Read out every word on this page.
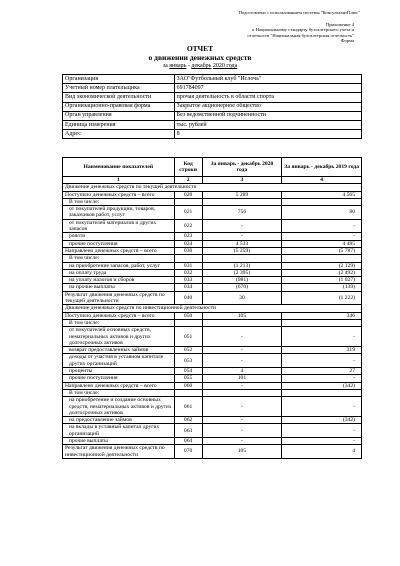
Подготовлено с использованием системы "КонсультантПлюс"
Приложение 4
к Национальному стандарту бухгалтерского учета и
отчетности "Национальная бухгалтерская отчетность"
Форма
ОТЧЕТ
о движении денежных средств
за январь - декабрь 2020 года
Организация	ЗАО"Футбольный клуб "Ислочь"
Учетный номер плательщика	691784097
Вид экономической деятельности	прочая деятельность в области спорта
Организационно-правовая форма	Закрытое акционерное общество
Орган управления	Без ведомственной подчиненности
Единица измерения	тыс. рублей
Адрес	8
Наименование показателей	Код строки	За январь - декабрь 2020 года	За январь - декабрь 2019 года
1	2	3	4
Движение денежных средств по текущей деятельности			
Поступило денежных средств – всего	020	5 289	4 565
В том числе:			
от покупателей продукции, товаров, заказчиков работ, услуг	021	756	80
от покупателей материалов и других запасов	022	-	-
роялти	023	-	-
прочие поступления	024	4 533	4 485
Направлено денежных средств – всего	030	(5 259)	(5 787)
В том числе:			
на приобретение запасов, работ, услуг	031	(1 213)	(2 129)
на оплату труда	032	(2 395)	(2 492)
на уплату налогов и сборов	033	(981)	(1 027)
на прочие выплаты	034	(670)	(139)
Результат движения денежных средств по текущей деятельности	040	30	(1 222)
Движение денежных средств по инвестиционной деятельности			
Поступило денежных средств – всего	050	105	346
В том числе:			
от покупателей основных средств, нематериальных активов и других долгосрочных активов	051	-	-
возврат предоставленных займов	052	-	319
доходы от участия в уставном капитале других организаций	053	-	-
проценты	054	4	27
прочие поступления	055	101	-
Направлено денежных средств – всего	060	-	(342)
В том числе:			
на приобретение и создание основных средств, нематериальных активов и других долгосрочных активов	061	-	-
на предоставление займов	062	-	(342)
на вклады в уставный капитал других организаций	063	-	-
прочие выплаты	064	-	-
Результат движения денежных средств по инвестиционной деятельности	070	105	4
